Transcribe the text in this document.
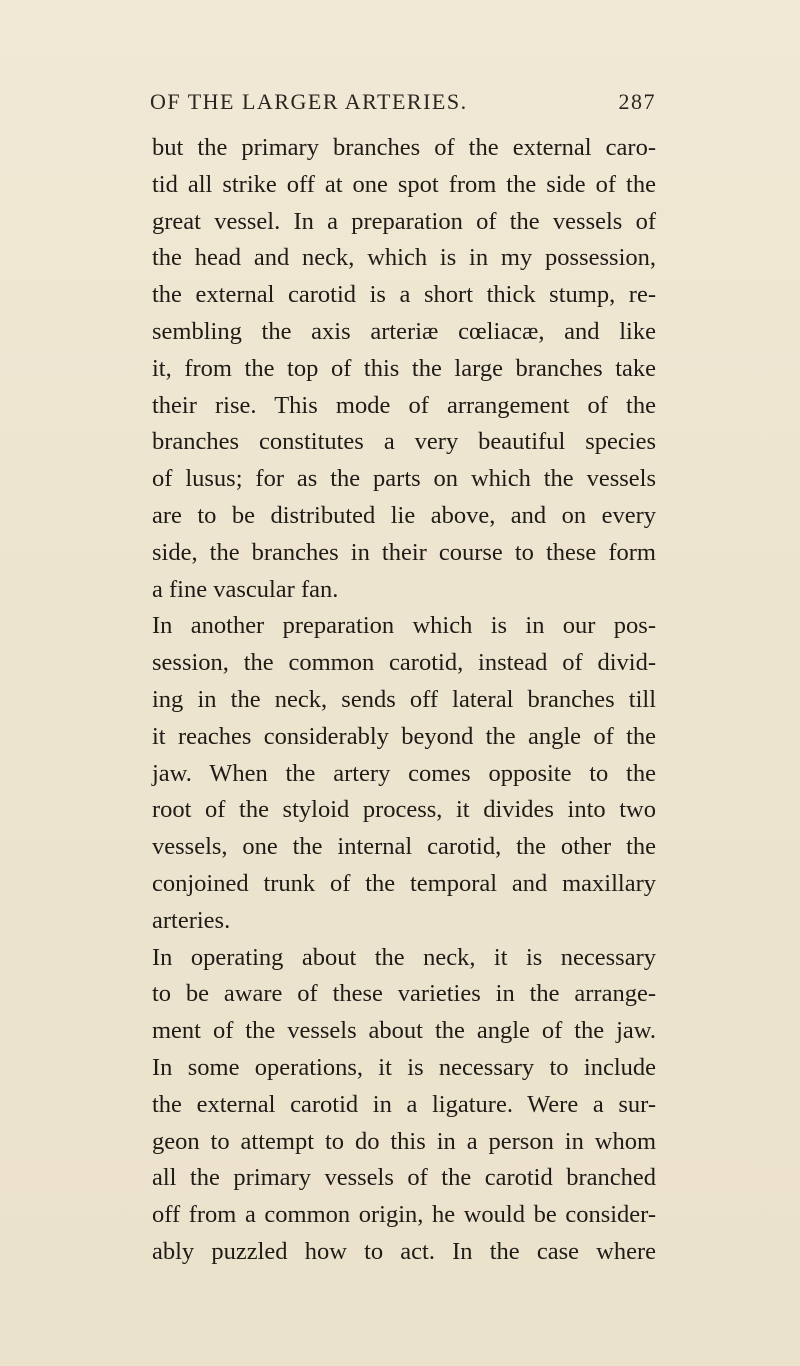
OF THE LARGER ARTERIES.	287
but the primary branches of the external caro-
tid all strike off at one spot from the side of the
great vessel. In a preparation of the vessels of
the head and neck, which is in my possession,
the external carotid is a short thick stump, re-
sembling the axis arteriæ cœliacæ, and like
it, from the top of this the large branches take
their rise. This mode of arrangement of the
branches constitutes a very beautiful species
of lusus; for as the parts on which the vessels
are to be distributed lie above, and on every
side, the branches in their course to these form
a fine vascular fan.
In another preparation which is in our pos-
session, the common carotid, instead of divid-
ing in the neck, sends off lateral branches till
it reaches considerably beyond the angle of the
jaw. When the artery comes opposite to the
root of the styloid process, it divides into two
vessels, one the internal carotid, the other the
conjoined trunk of the temporal and maxillary
arteries.
In operating about the neck, it is necessary
to be aware of these varieties in the arrange-
ment of the vessels about the angle of the jaw.
In some operations, it is necessary to include
the external carotid in a ligature. Were a sur-
geon to attempt to do this in a person in whom
all the primary vessels of the carotid branched
off from a common origin, he would be consider-
ably puzzled how to act. In the case where
